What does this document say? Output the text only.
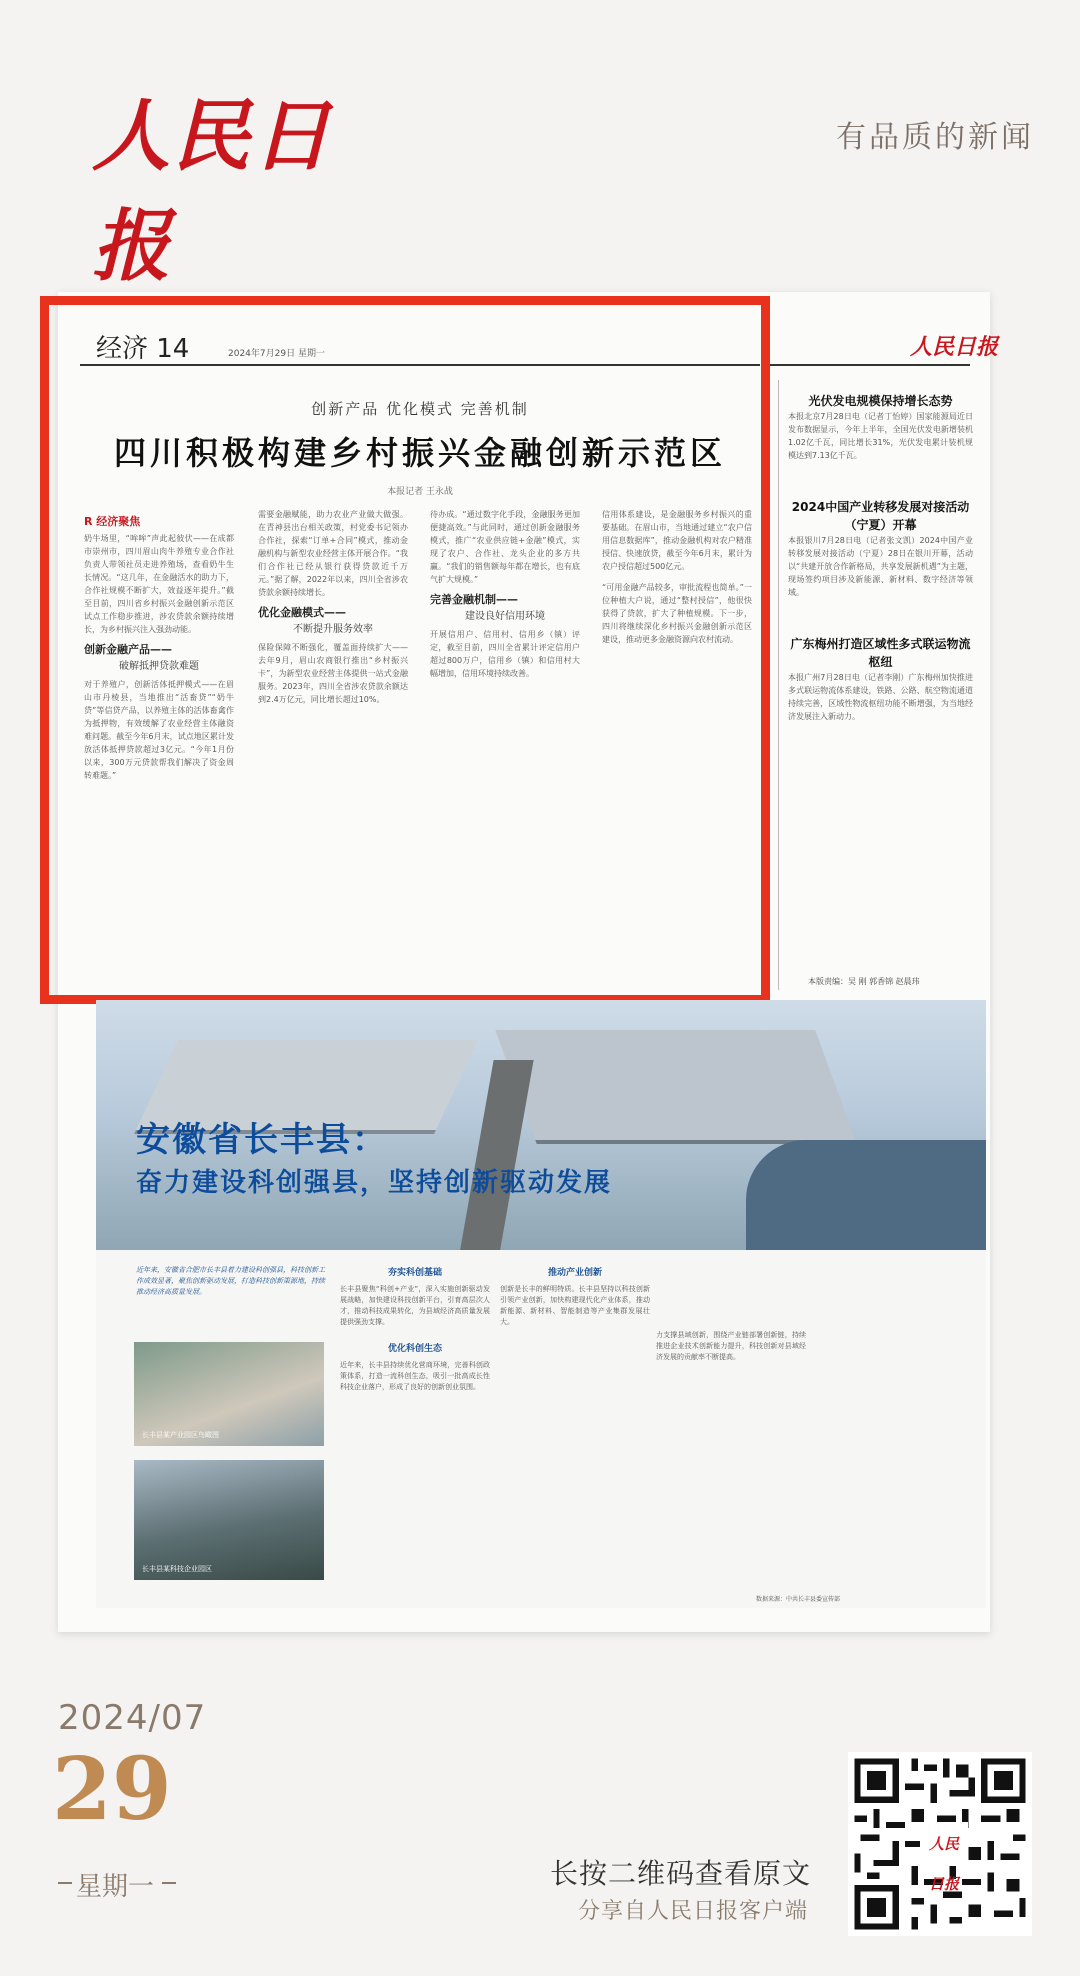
人民日报
有品质的新闻
经济 14	2024年7月29日 星期一	人民日报
创新产品 优化模式 完善机制
四川积极构建乡村振兴金融创新示范区
本报记者 王永战
R 经济聚焦
奶牛场里，“哞哞”声此起彼伏——在成都市崇州市，四川眉山肉牛养殖专业合作社负责人带领社员走进养殖场，查看奶牛生长情况。“这几年，在金融活水的助力下，合作社规模不断扩大，效益逐年提升。”截至目前，四川省乡村振兴金融创新示范区试点工作稳步推进，涉农贷款余额持续增长，为乡村振兴注入强劲动能。
创新金融产品——
破解抵押贷款难题
对于养殖户，创新活体抵押模式——在眉山市丹棱县，当地推出“活畜贷”“奶牛贷”等信贷产品，以养殖主体的活体畜禽作为抵押物，有效缓解了农业经营主体融资难问题。截至今年6月末，试点地区累计发放活体抵押贷款超过3亿元。“今年1月份以来，300万元贷款帮我们解决了资金周转难题。”
需要金融赋能，助力农业产业做大做强。在青神县出台相关政策，村党委书记领办合作社，探索“订单+合同”模式，推动金融机构与新型农业经营主体开展合作。“我们合作社已经从银行获得贷款近千万元。”据了解，2022年以来，四川全省涉农贷款余额持续增长。
优化金融模式——
不断提升服务效率
保险保障不断强化，覆盖面持续扩大——去年9月，眉山农商银行推出“乡村振兴卡”，为新型农业经营主体提供一站式金融服务。2023年，四川全省涉农贷款余额达到2.4万亿元，同比增长超过10%。
待办成。“通过数字化手段，金融服务更加便捷高效。”与此同时，通过创新金融服务模式，推广“农业供应链+金融”模式，实现了农户、合作社、龙头企业的多方共赢。“我们的销售额每年都在增长，也有底气扩大规模。”
完善金融机制——
建设良好信用环境
开展信用户、信用村、信用乡（镇）评定，截至目前，四川全省累计评定信用户超过800万户，信用乡（镇）和信用村大幅增加，信用环境持续改善。
信用体系建设，是金融服务乡村振兴的重要基础。在眉山市，当地通过建立“农户信用信息数据库”，推动金融机构对农户精准授信、快速放贷，截至今年6月末，累计为农户授信超过500亿元。
“可用金融产品较多，审批流程也简单。”一位种植大户说，通过“整村授信”，他很快获得了贷款，扩大了种植规模。下一步，四川将继续深化乡村振兴金融创新示范区建设，推动更多金融资源向农村流动。
光伏发电规模保持增长态势
本报北京7月28日电（记者丁怡婷）国家能源局近日发布数据显示，今年上半年，全国光伏发电新增装机1.02亿千瓦，同比增长31%，光伏发电累计装机规模达到7.13亿千瓦。
2024中国产业转移发展对接活动（宁夏）开幕
本报银川7月28日电（记者张文凯）2024中国产业转移发展对接活动（宁夏）28日在银川开幕，活动以“共建开放合作新格局，共享发展新机遇”为主题，现场签约项目涉及新能源、新材料、数字经济等领域。
广东梅州打造区域性多式联运物流枢纽
本报广州7月28日电（记者李刚）广东梅州加快推进多式联运物流体系建设，铁路、公路、航空物流通道持续完善，区域性物流枢纽功能不断增强，为当地经济发展注入新动力。
本版责编：吴 刚 郭香锦 赵晨玮
安徽省长丰县：
奋力建设科创强县，坚持创新驱动发展
近年来，安徽省合肥市长丰县着力建设科创强县，科技创新工作成效显著，聚焦创新驱动发展，打造科技创新策源地，持续推动经济高质量发展。
长丰县某产业园区鸟瞰图
长丰县某科技企业园区
夯实科创基础
长丰县聚焦“科创+产业”，深入实施创新驱动发展战略，加快建设科技创新平台，引育高层次人才，推动科技成果转化，为县域经济高质量发展提供强劲支撑。
优化科创生态
近年来，长丰县持续优化营商环境，完善科创政策体系，打造一流科创生态，吸引一批高成长性科技企业落户，形成了良好的创新创业氛围。
推动产业创新
创新是长丰的鲜明特质。长丰县坚持以科技创新引领产业创新，加快构建现代化产业体系，推动新能源、新材料、智能制造等产业集群发展壮大。
力支撑县域创新，围绕产业链部署创新链，持续推进企业技术创新能力提升，科技创新对县域经济发展的贡献率不断提高。
数据来源：中共长丰县委宣传部
2024/07
29
星期一	长按二维码查看原文
分享自人民日报客户端
人民日报
